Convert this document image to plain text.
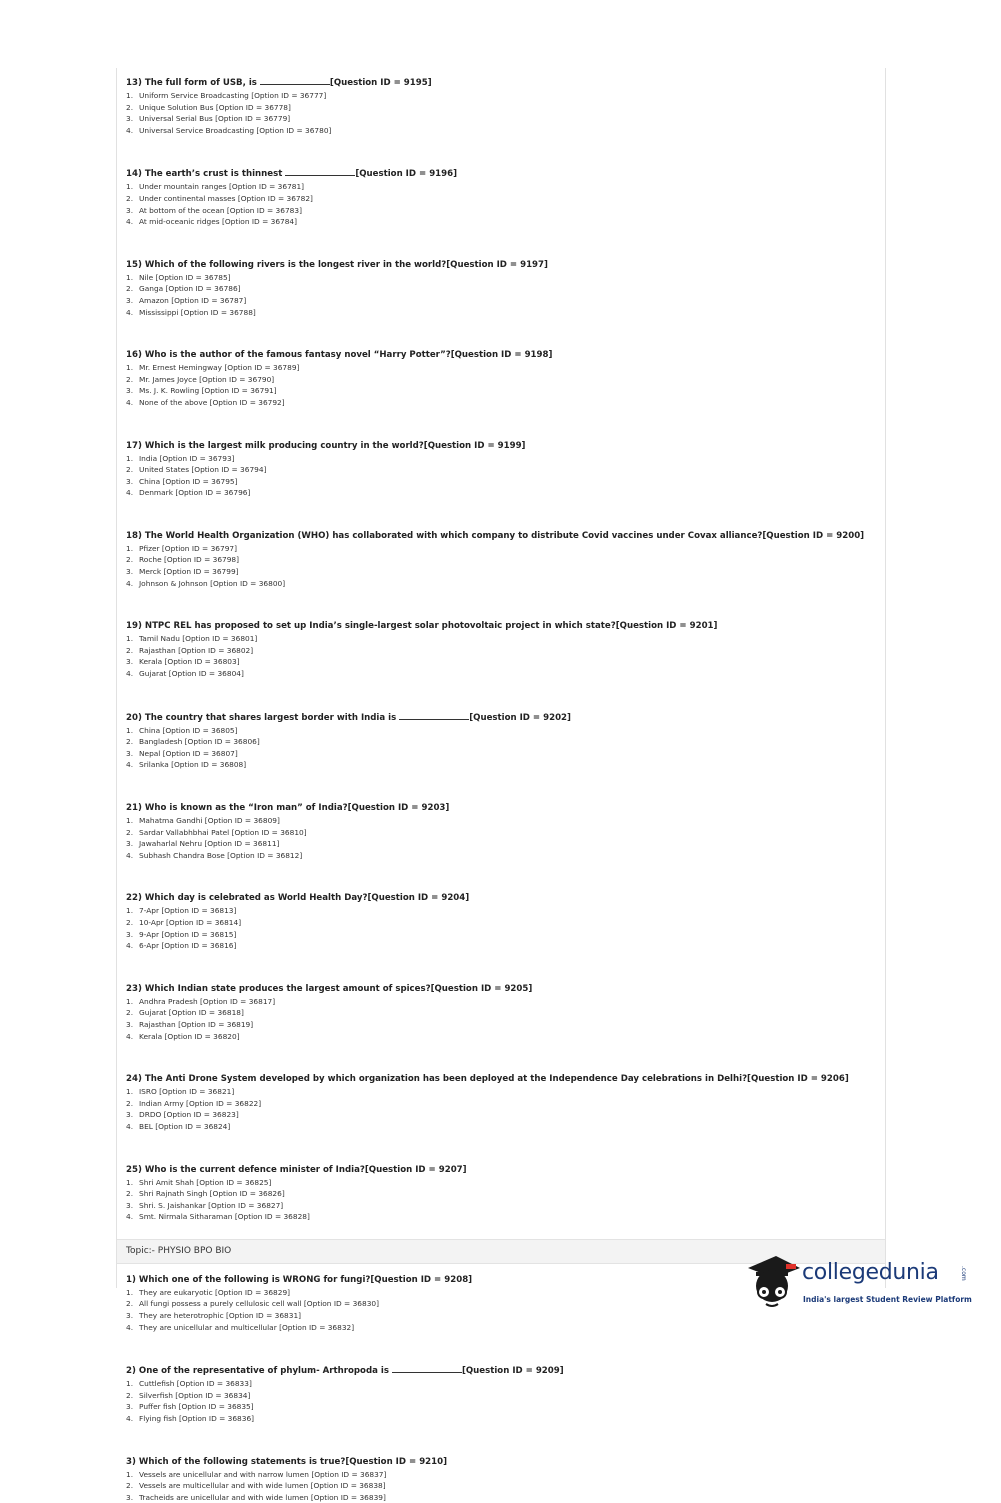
13) The full form of USB, is	[Question ID = 9195]
1. Uniform Service Broadcasting [Option ID = 36777]
2. Unique Solution Bus [Option ID = 36778]
3. Universal Serial Bus [Option ID = 36779]
4. Universal Service Broadcasting [Option ID = 36780]
14) The earth’s crust is thinnest	[Question ID = 9196]
1. Under mountain ranges [Option ID = 36781]
2. Under continental masses [Option ID = 36782]
3. At bottom of the ocean [Option ID = 36783]
4. At mid-oceanic ridges [Option ID = 36784]
15) Which of the following rivers is the longest river in the world?[Question ID = 9197]
1. Nile [Option ID = 36785]
2. Ganga [Option ID = 36786]
3. Amazon [Option ID = 36787]
4. Mississippi [Option ID = 36788]
16) Who is the author of the famous fantasy novel “Harry Potter”?[Question ID = 9198]
1. Mr. Ernest Hemingway [Option ID = 36789]
2. Mr. James Joyce [Option ID = 36790]
3. Ms. J. K. Rowling [Option ID = 36791]
4. None of the above [Option ID = 36792]
17) Which is the largest milk producing country in the world?[Question ID = 9199]
1. India [Option ID = 36793]
2. United States [Option ID = 36794]
3. China [Option ID = 36795]
4. Denmark [Option ID = 36796]
18) The World Health Organization (WHO) has collaborated with which company to distribute Covid vaccines under Covax alliance?[Question ID = 9200]
1. Pfizer [Option ID = 36797]
2. Roche [Option ID = 36798]
3. Merck [Option ID = 36799]
4. Johnson & Johnson [Option ID = 36800]
19) NTPC REL has proposed to set up India’s single-largest solar photovoltaic project in which state?[Question ID = 9201]
1. Tamil Nadu [Option ID = 36801]
2. Rajasthan [Option ID = 36802]
3. Kerala [Option ID = 36803]
4. Gujarat [Option ID = 36804]
20) The country that shares largest border with India is	[Question ID = 9202]
1. China [Option ID = 36805]
2. Bangladesh [Option ID = 36806]
3. Nepal [Option ID = 36807]
4. Srilanka [Option ID = 36808]
21) Who is known as the “Iron man” of India?[Question ID = 9203]
1. Mahatma Gandhi [Option ID = 36809]
2. Sardar Vallabhbhai Patel [Option ID = 36810]
3. Jawaharlal Nehru [Option ID = 36811]
4. Subhash Chandra Bose [Option ID = 36812]
22) Which day is celebrated as World Health Day?[Question ID = 9204]
1. 7-Apr [Option ID = 36813]
2. 10-Apr [Option ID = 36814]
3. 9-Apr [Option ID = 36815]
4. 6-Apr [Option ID = 36816]
23) Which Indian state produces the largest amount of spices?[Question ID = 9205]
1. Andhra Pradesh [Option ID = 36817]
2. Gujarat [Option ID = 36818]
3. Rajasthan [Option ID = 36819]
4. Kerala [Option ID = 36820]
24) The Anti Drone System developed by which organization has been deployed at the Independence Day celebrations in Delhi?[Question ID = 9206]
1. ISRO [Option ID = 36821]
2. Indian Army [Option ID = 36822]
3. DRDO [Option ID = 36823]
4. BEL [Option ID = 36824]
25) Who is the current defence minister of India?[Question ID = 9207]
1. Shri Amit Shah [Option ID = 36825]
2. Shri Rajnath Singh [Option ID = 36826]
3. Shri. S. Jaishankar [Option ID = 36827]
4. Smt. Nirmala Sitharaman [Option ID = 36828]
Topic:- PHYSIO BPO BIO
1) Which one of the following is WRONG for fungi?[Question ID = 9208]
1. They are eukaryotic [Option ID = 36829]
2. All fungi possess a purely cellulosic cell wall [Option ID = 36830]
3. They are heterotrophic [Option ID = 36831]
4. They are unicellular and multicellular [Option ID = 36832]
2) One of the representative of phylum- Arthropoda is	[Question ID = 9209]
1. Cuttlefish [Option ID = 36833]
2. Silverfish [Option ID = 36834]
3. Puffer fish [Option ID = 36835]
4. Flying fish [Option ID = 36836]
3) Which of the following statements is true?[Question ID = 9210]
1. Vessels are unicellular and with narrow lumen [Option ID = 36837]
2. Vessels are multicellular and with wide lumen [Option ID = 36838]
3. Tracheids are unicellular and with wide lumen [Option ID = 36839]
collegedunia	.com
India's largest Student Review Platform
